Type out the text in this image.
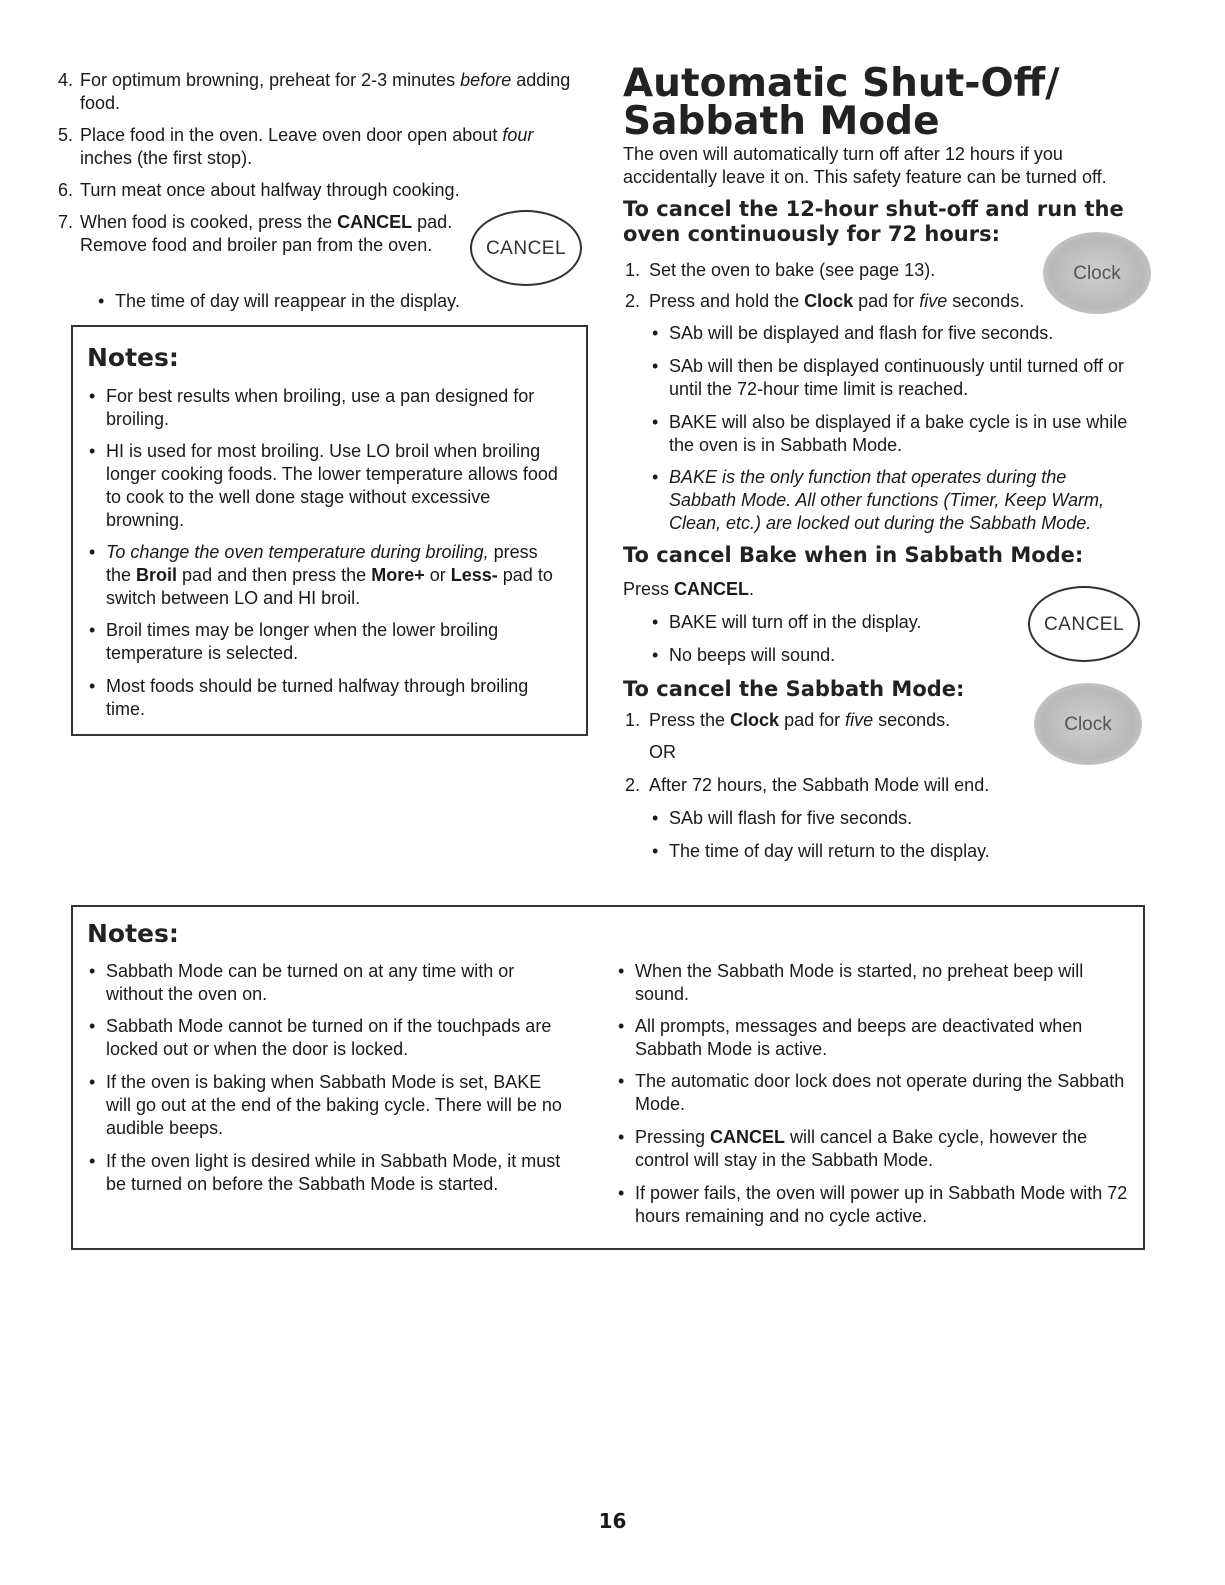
4. For optimum browning, preheat for 2-3 minutes before adding food.
5. Place food in the oven. Leave oven door open about four inches (the first stop).
6. Turn meat once about halfway through cooking.
7. When food is cooked, press the CANCEL pad. Remove food and broiler pan from the oven.	CANCEL
• The time of day will reappear in the display.
Notes:
• For best results when broiling, use a pan designed for broiling.
• HI is used for most broiling. Use LO broil when broiling longer cooking foods. The lower temperature allows food to cook to the well done stage without excessive browning.
• To change the oven temperature during broiling, press the Broil pad and then press the More+ or Less- pad to switch between LO and HI broil.
• Broil times may be longer when the lower broiling temperature is selected.
• Most foods should be turned halfway through broiling time.
Automatic Shut-Off/
Sabbath Mode

The oven will automatically turn off after 12 hours if you accidentally leave it on. This safety feature can be turned off.

To cancel the 12-hour shut-off and run the
oven continuously for 72 hours:
1. Set the oven to bake (see page 13).
2. Press and hold the Clock pad for five seconds.
Clock
• SAb will be displayed and flash for five seconds.
• SAb will then be displayed continuously until turned off or until the 72-hour time limit is reached.
• BAKE will also be displayed if a bake cycle is in use while the oven is in Sabbath Mode.
• BAKE is the only function that operates during the Sabbath Mode. All other functions (Timer, Keep Warm, Clean, etc.) are locked out during the Sabbath Mode.
To cancel Bake when in Sabbath Mode:

Press CANCEL.

• BAKE will turn off in the display.
• No beeps will sound.
CANCEL
To cancel the Sabbath Mode:
1. Press the Clock pad for five seconds.

OR

Clock
2. After 72 hours, the Sabbath Mode will end.
• SAb will flash for five seconds.
• The time of day will return to the display.
Notes:
• Sabbath Mode can be turned on at any time with or without the oven on.
• Sabbath Mode cannot be turned on if the touchpads are locked out or when the door is locked.
• If the oven is baking when Sabbath Mode is set, BAKE will go out at the end of the baking cycle. There will be no audible beeps.
• If the oven light is desired while in Sabbath Mode, it must be turned on before the Sabbath Mode is started.
• When the Sabbath Mode is started, no preheat beep will sound.
• All prompts, messages and beeps are deactivated when Sabbath Mode is active.
• The automatic door lock does not operate during the Sabbath Mode.
• Pressing CANCEL will cancel a Bake cycle, however the control will stay in the Sabbath Mode.
• If power fails, the oven will power up in Sabbath Mode with 72 hours remaining and no cycle active.
16
